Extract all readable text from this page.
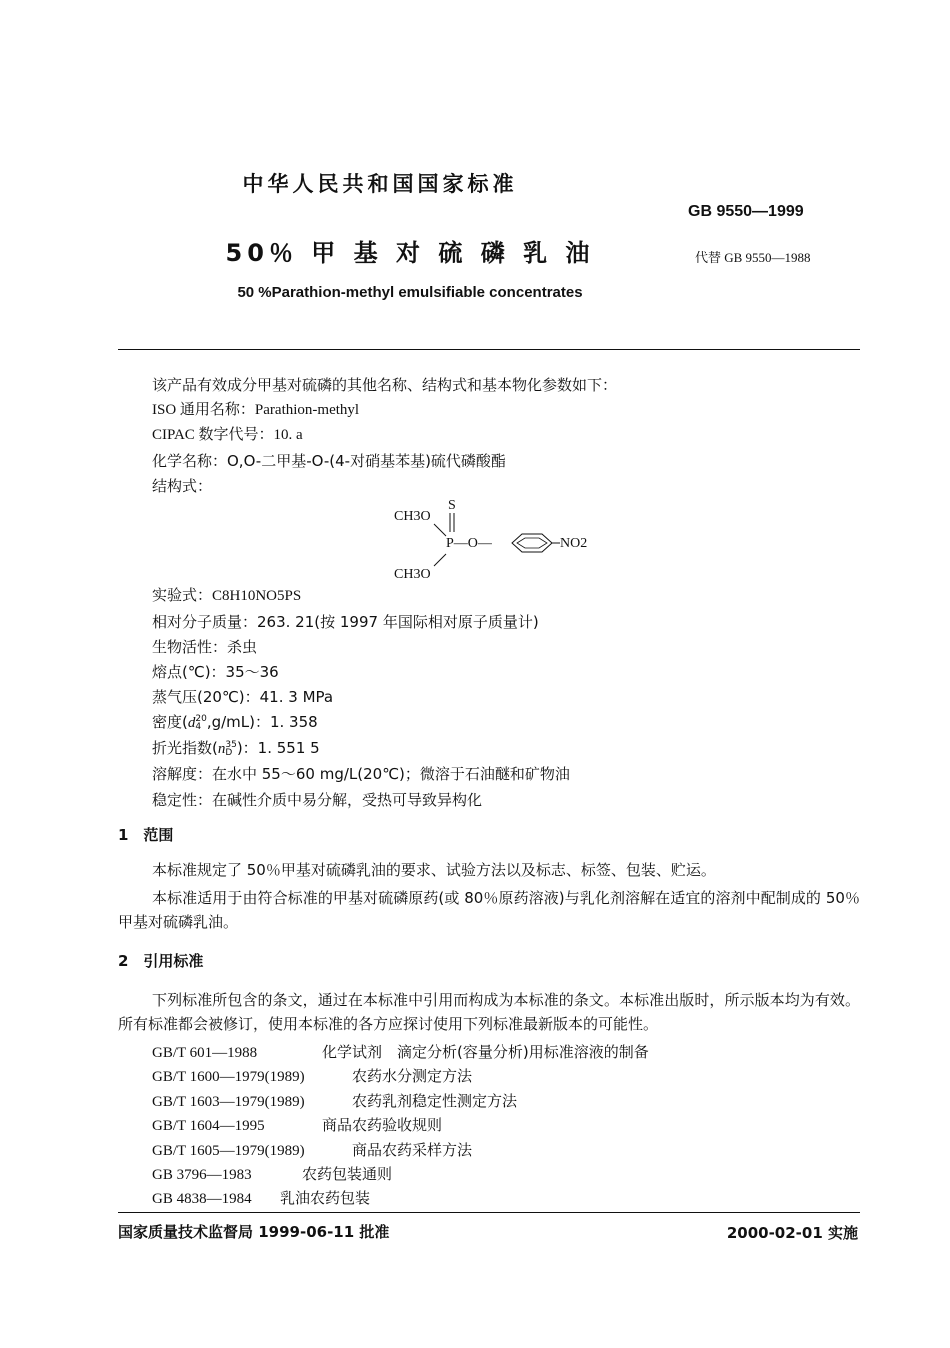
中华人民共和国国家标准
GB 9550—1999
50％ 甲 基 对 硫 磷 乳 油	代替 GB 9550—1988
50 %Parathion-methyl emulsifiable concentrates
该产品有效成分甲基对硫磷的其他名称、结构式和基本物化参数如下：
ISO 通用名称：Parathion-methyl
CIPAC 数字代号：10. a
化学名称：O,O-二甲基-O-(4-对硝基苯基)硫代磷酸酯
结构式：
CH3O
S
P—O—	NO2
CH3O
实验式：C8H10NO5PS
相对分子质量：263. 21(按 1997 年国际相对原子质量计)
生物活性：杀虫
熔点(℃)：35～36
蒸气压(20℃)：41. 3 MPa
密度(d20
4 ,g/mL)：1. 358
折光指数(n35
D )：1. 551 5
溶解度：在水中 55～60 mg/L(20℃)；微溶于石油醚和矿物油
稳定性：在碱性介质中易分解，受热可导致异构化
1　范围
本标准规定了 50％甲基对硫磷乳油的要求、试验方法以及标志、标签、包装、贮运。
本标准适用于由符合标准的甲基对硫磷原药(或 80％原药溶液)与乳化剂溶解在适宜的溶剂中配制成的 50％甲基对硫磷乳油。
2　引用标准
下列标准所包含的条文，通过在本标准中引用而构成为本标准的条文。本标准出版时，所示版本均为有效。所有标准都会被修订，使用本标准的各方应探讨使用下列标准最新版本的可能性。
GB/T 601—1988	化学试剂　滴定分析(容量分析)用标准溶液的制备
GB/T 1600—1979(1989)	农药水分测定方法
GB/T 1603—1979(1989)	农药乳剂稳定性测定方法
GB/T 1604—1995	商品农药验收规则
GB/T 1605—1979(1989)	商品农药采样方法
GB 3796—1983	农药包装通则
GB 4838—1984 乳油农药包装
国家质量技术监督局 1999-06-11 批准	2000-02-01 实施
